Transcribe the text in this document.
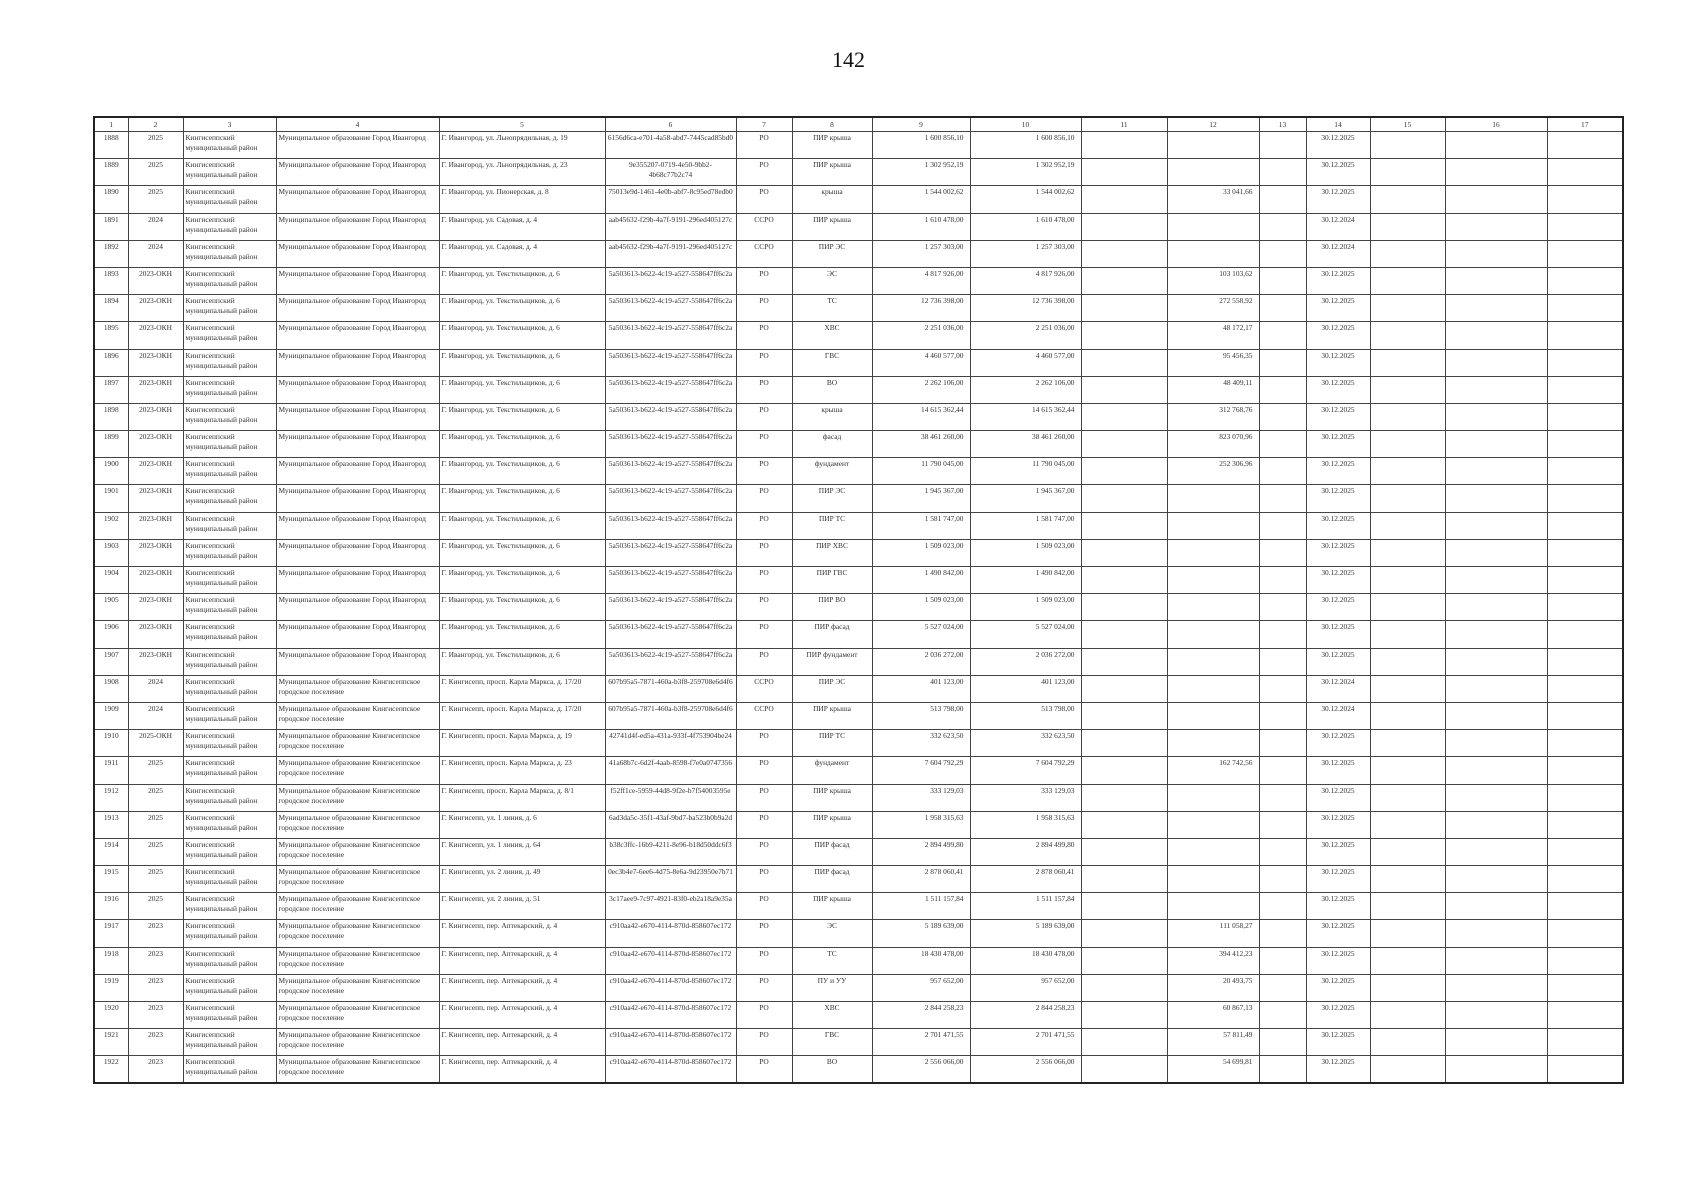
142
1	2	3	4	5	6	7	8	9	10	11	12	13	14	15	16	17
1888	2025	Кингисеппский муниципальный район	Муниципальное образование Город Ивангород	Г. Ивангород, ул. Льнопрядильная, д. 19	6156d6ca-e701-4a58-abd7-7445cad85bd0	РО	ПИР крыша	1 600 856,10	1 600 856,10				30.12.2025			
1889	2025	Кингисеппский муниципальный район	Муниципальное образование Город Ивангород	Г. Ивангород, ул. Льнопрядильная, д. 23	9e355207-0719-4e50-9bb2-4b68c77b2c74	РО	ПИР крыша	1 302 952,19	1 302 952,19				30.12.2025			
1890	2025	Кингисеппский муниципальный район	Муниципальное образование Город Ивангород	Г. Ивангород, ул. Пионерская, д. 8	75013e9d-1461-4e0b-abf7-8c95ed78edb0	РО	крыша	1 544 002,62	1 544 002,62		33 041,66		30.12.2025			
1891	2024	Кингисеппский муниципальный район	Муниципальное образование Город Ивангород	Г. Ивангород, ул. Садовая, д. 4	aab45632-f29b-4a7f-9191-296ed405127c	ССРО	ПИР крыша	1 610 478,00	1 610 478,00				30.12.2024			
1892	2024	Кингисеппский муниципальный район	Муниципальное образование Город Ивангород	Г. Ивангород, ул. Садовая, д. 4	aab45632-f29b-4a7f-9191-296ed405127c	ССРО	ПИР ЭС	1 257 303,00	1 257 303,00				30.12.2024			
1893	2023-ОКН	Кингисеппский муниципальный район	Муниципальное образование Город Ивангород	Г. Ивангород, ул. Текстильщиков, д. 6	5a503613-b622-4c19-a527-558647ff6c2a	РО	ЭС	4 817 926,00	4 817 926,00		103 103,62		30.12.2025			
1894	2023-ОКН	Кингисеппский муниципальный район	Муниципальное образование Город Ивангород	Г. Ивангород, ул. Текстильщиков, д. 6	5a503613-b622-4c19-a527-558647ff6c2a	РО	ТС	12 736 398,00	12 736 398,00		272 558,92		30.12.2025			
1895	2023-ОКН	Кингисеппский муниципальный район	Муниципальное образование Город Ивангород	Г. Ивангород, ул. Текстильщиков, д. 6	5a503613-b622-4c19-a527-558647ff6c2a	РО	ХВС	2 251 036,00	2 251 036,00		48 172,17		30.12.2025			
1896	2023-ОКН	Кингисеппский муниципальный район	Муниципальное образование Город Ивангород	Г. Ивангород, ул. Текстильщиков, д. 6	5a503613-b622-4c19-a527-558647ff6c2a	РО	ГВС	4 460 577,00	4 460 577,00		95 456,35		30.12.2025			
1897	2023-ОКН	Кингисеппский муниципальный район	Муниципальное образование Город Ивангород	Г. Ивангород, ул. Текстильщиков, д. 6	5a503613-b622-4c19-a527-558647ff6c2a	РО	ВО	2 262 106,00	2 262 106,00		48 409,11		30.12.2025			
1898	2023-ОКН	Кингисеппский муниципальный район	Муниципальное образование Город Ивангород	Г. Ивангород, ул. Текстильщиков, д. 6	5a503613-b622-4c19-a527-558647ff6c2a	РО	крыша	14 615 362,44	14 615 362,44		312 768,76		30.12.2025			
1899	2023-ОКН	Кингисеппский муниципальный район	Муниципальное образование Город Ивангород	Г. Ивангород, ул. Текстильщиков, д. 6	5a503613-b622-4c19-a527-558647ff6c2a	РО	фасад	38 461 260,00	38 461 260,00		823 070,96		30.12.2025			
1900	2023-ОКН	Кингисеппский муниципальный район	Муниципальное образование Город Ивангород	Г. Ивангород, ул. Текстильщиков, д. 6	5a503613-b622-4c19-a527-558647ff6c2a	РО	фундамент	11 790 045,00	11 790 045,00		252 306,96		30.12.2025			
1901	2023-ОКН	Кингисеппский муниципальный район	Муниципальное образование Город Ивангород	Г. Ивангород, ул. Текстильщиков, д. 6	5a503613-b622-4c19-a527-558647ff6c2a	РО	ПИР ЭС	1 945 367,00	1 945 367,00				30.12.2025			
1902	2023-ОКН	Кингисеппский муниципальный район	Муниципальное образование Город Ивангород	Г. Ивангород, ул. Текстильщиков, д. 6	5a503613-b622-4c19-a527-558647ff6c2a	РО	ПИР ТС	1 581 747,00	1 581 747,00				30.12.2025			
1903	2023-ОКН	Кингисеппский муниципальный район	Муниципальное образование Город Ивангород	Г. Ивангород, ул. Текстильщиков, д. 6	5a503613-b622-4c19-a527-558647ff6c2a	РО	ПИР ХВС	1 509 023,00	1 509 023,00				30.12.2025			
1904	2023-ОКН	Кингисеппский муниципальный район	Муниципальное образование Город Ивангород	Г. Ивангород, ул. Текстильщиков, д. 6	5a503613-b622-4c19-a527-558647ff6c2a	РО	ПИР ГВС	1 490 842,00	1 490 842,00				30.12.2025			
1905	2023-ОКН	Кингисеппский муниципальный район	Муниципальное образование Город Ивангород	Г. Ивангород, ул. Текстильщиков, д. 6	5a503613-b622-4c19-a527-558647ff6c2a	РО	ПИР ВО	1 509 023,00	1 509 023,00				30.12.2025			
1906	2023-ОКН	Кингисеппский муниципальный район	Муниципальное образование Город Ивангород	Г. Ивангород, ул. Текстильщиков, д. 6	5a503613-b622-4c19-a527-558647ff6c2a	РО	ПИР фасад	5 527 024,00	5 527 024,00				30.12.2025			
1907	2023-ОКН	Кингисеппский муниципальный район	Муниципальное образование Город Ивангород	Г. Ивангород, ул. Текстильщиков, д. 6	5a503613-b622-4c19-a527-558647ff6c2a	РО	ПИР фундамент	2 036 272,00	2 036 272,00				30.12.2025			
1908	2024	Кингисеппский муниципальный район	Муниципальное образование Кингисеппское городское поселение	Г. Кингисепп, просп. Карла Маркса, д. 17/20	607b95a5-7871-460a-b3f8-259708e6d4f6	ССРО	ПИР ЭС	401 123,00	401 123,00				30.12.2024			
1909	2024	Кингисеппский муниципальный район	Муниципальное образование Кингисеппское городское поселение	Г. Кингисепп, просп. Карла Маркса, д. 17/20	607b95a5-7871-460a-b3f8-259708e6d4f6	ССРО	ПИР крыша	513 798,00	513 798,00				30.12.2024			
1910	2025-ОКН	Кингисеппский муниципальный район	Муниципальное образование Кингисеппское городское поселение	Г. Кингисепп, просп. Карла Маркса, д. 19	42741d4f-ed5a-431a-933f-4f753904be24	РО	ПИР ТС	332 623,50	332 623,50				30.12.2025			
1911	2025	Кингисеппский муниципальный район	Муниципальное образование Кингисеппское городское поселение	Г. Кингисепп, просп. Карла Маркса, д. 23	41a68b7c-6d2f-4aab-8598-f7e0a0747356	РО	фундамент	7 604 792,29	7 604 792,29		162 742,56		30.12.2025			
1912	2025	Кингисеппский муниципальный район	Муниципальное образование Кингисеппское городское поселение	Г. Кингисепп, просп. Карла Маркса, д. 8/1	f52ff1ce-5959-44d8-9f2e-b7f54003595e	РО	ПИР крыша	333 129,03	333 129,03				30.12.2025			
1913	2025	Кингисеппский муниципальный район	Муниципальное образование Кингисеппское городское поселение	Г. Кингисепп, ул. 1 линия, д. 6	6ad3da5c-35f1-43af-9bd7-ba523b0b9a2d	РО	ПИР крыша	1 958 315,63	1 958 315,63				30.12.2025			
1914	2025	Кингисеппский муниципальный район	Муниципальное образование Кингисеппское городское поселение	Г. Кингисепп, ул. 1 линия, д. 64	b38c3ffc-16b9-4211-8e96-b18d50ddc6f3	РО	ПИР фасад	2 894 499,80	2 894 499,80				30.12.2025			
1915	2025	Кингисеппский муниципальный район	Муниципальное образование Кингисеппское городское поселение	Г. Кингисепп, ул. 2 линия, д. 49	0ec3b4e7-6ee6-4d75-8e6a-9d23950e7b71	РО	ПИР фасад	2 878 060,41	2 878 060,41				30.12.2025			
1916	2025	Кингисеппский муниципальный район	Муниципальное образование Кингисеппское городское поселение	Г. Кингисепп, ул. 2 линия, д. 51	3c17aee9-7c97-4921-83f0-eb2a18a9e35a	РО	ПИР крыша	1 511 157,84	1 511 157,84				30.12.2025			
1917	2023	Кингисеппский муниципальный район	Муниципальное образование Кингисеппское городское поселение	Г. Кингисепп, пер. Аптекарский, д. 4	c910aa42-e670-4114-870d-858607ec172	РО	ЭС	5 189 639,00	5 189 639,00		111 058,27		30.12.2025			
1918	2023	Кингисеппский муниципальный район	Муниципальное образование Кингисеппское городское поселение	Г. Кингисепп, пер. Аптекарский, д. 4	c910aa42-e670-4114-870d-858607ec172	РО	ТС	18 430 478,00	18 430 478,00		394 412,23		30.12.2025			
1919	2023	Кингисеппский муниципальный район	Муниципальное образование Кингисеппское городское поселение	Г. Кингисепп, пер. Аптекарский, д. 4	c910aa42-e670-4114-870d-858607ec172	РО	ПУ и УУ	957 652,00	957 652,00		20 493,75		30.12.2025			
1920	2023	Кингисеппский муниципальный район	Муниципальное образование Кингисеппское городское поселение	Г. Кингисепп, пер. Аптекарский, д. 4	c910aa42-e670-4114-870d-858607ec172	РО	ХВС	2 844 258,23	2 844 258,23		60 867,13		30.12.2025			
1921	2023	Кингисеппский муниципальный район	Муниципальное образование Кингисеппское городское поселение	Г. Кингисепп, пер. Аптекарский, д. 4	c910aa42-e670-4114-870d-858607ec172	РО	ГВС	2 701 471,55	2 701 471,55		57 811,49		30.12.2025			
1922	2023	Кингисеппский муниципальный район	Муниципальное образование Кингисеппское городское поселение	Г. Кингисепп, пер. Аптекарский, д. 4	c910aa42-e670-4114-870d-858607ec172	РО	ВО	2 556 066,00	2 556 066,00		54 699,81		30.12.2025			
